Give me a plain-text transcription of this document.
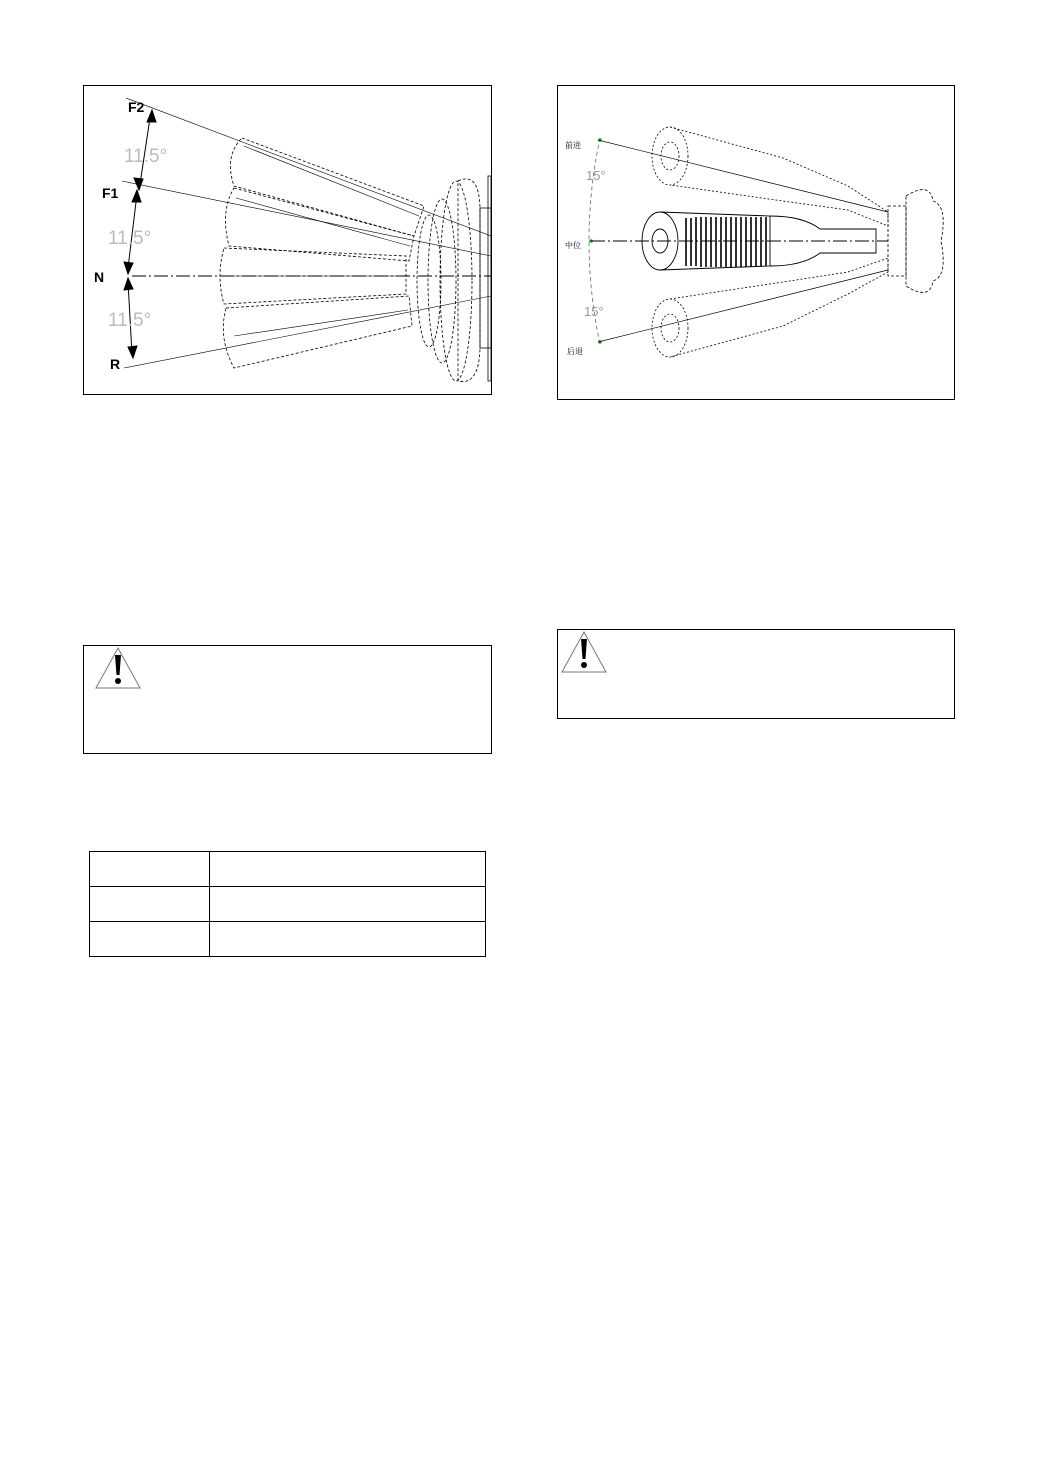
F2
F1
N
R
11.5°
11.5°
11.5°
前进
中位
后退
15°
15°
